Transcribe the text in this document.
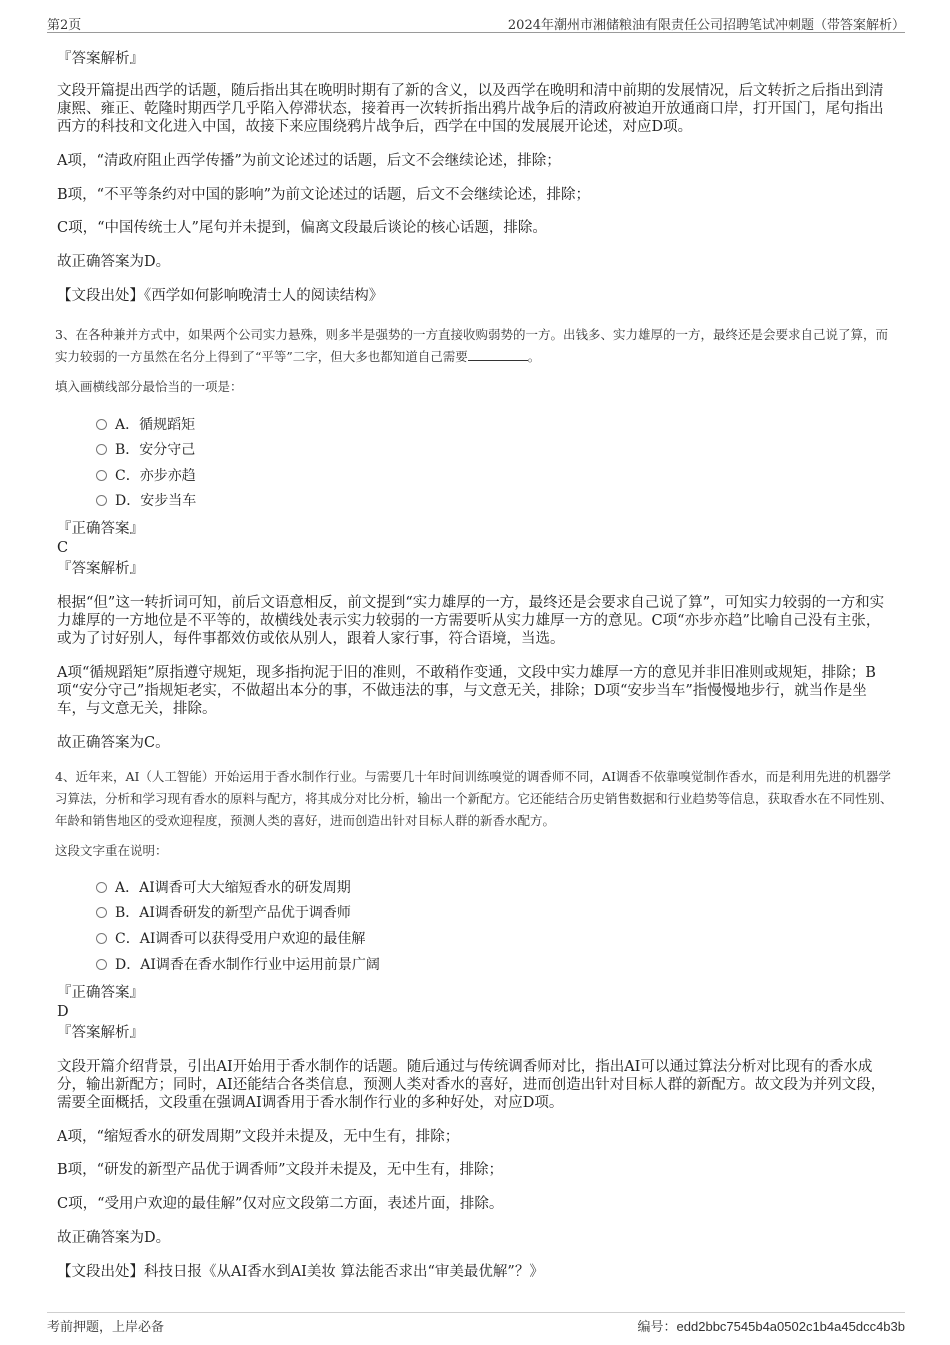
第2页	2024年潮州市湘储粮油有限责任公司招聘笔试冲刺题（带答案解析）
『答案解析』
文段开篇提出西学的话题，随后指出其在晚明时期有了新的含义，以及西学在晚明和清中前期的发展情况，后文转折之后指出到清康熙、雍正、乾隆时期西学几乎陷入停滞状态，接着再一次转折指出鸦片战争后的清政府被迫开放通商口岸，打开国门，尾句指出西方的科技和文化进入中国，故接下来应围绕鸦片战争后，西学在中国的发展展开论述，对应D项。
A项，“清政府阻止西学传播”为前文论述过的话题，后文不会继续论述，排除；
B项，“不平等条约对中国的影响”为前文论述过的话题，后文不会继续论述，排除；
C项，“中国传统士人”尾句并未提到，偏离文段最后谈论的核心话题，排除。
故正确答案为D。
【文段出处】《西学如何影响晚清士人的阅读结构》
3、在各种兼并方式中，如果两个公司实力悬殊，则多半是强势的一方直接收购弱势的一方。出钱多、实力雄厚的一方，最终还是会要求自己说了算，而实力较弱的一方虽然在名分上得到了“平等”二字，但大多也都知道自己需要	。
填入画横线部分最恰当的一项是：
A．循规蹈矩
B．安分守己
C．亦步亦趋
D．安步当车
『正确答案』
C
『答案解析』
根据“但”这一转折词可知，前后文语意相反，前文提到“实力雄厚的一方，最终还是会要求自己说了算”，可知实力较弱的一方和实力雄厚的一方地位是不平等的，故横线处表示实力较弱的一方需要听从实力雄厚一方的意见。C项“亦步亦趋”比喻自己没有主张，或为了讨好别人，每件事都效仿或依从别人，跟着人家行事，符合语境，当选。
A项“循规蹈矩”原指遵守规矩，现多指拘泥于旧的准则，不敢稍作变通，文段中实力雄厚一方的意见并非旧准则或规矩，排除；B项“安分守己”指规矩老实，不做超出本分的事，不做违法的事，与文意无关，排除；D项“安步当车”指慢慢地步行，就当作是坐车，与文意无关，排除。
故正确答案为C。
4、近年来，AI（人工智能）开始运用于香水制作行业。与需要几十年时间训练嗅觉的调香师不同，AI调香不依靠嗅觉制作香水，而是利用先进的机器学习算法，分析和学习现有香水的原料与配方，将其成分对比分析，输出一个新配方。它还能结合历史销售数据和行业趋势等信息，获取香水在不同性别、年龄和销售地区的受欢迎程度，预测人类的喜好，进而创造出针对目标人群的新香水配方。
这段文字重在说明：
A．AI调香可大大缩短香水的研发周期
B．AI调香研发的新型产品优于调香师
C．AI调香可以获得受用户欢迎的最佳解
D．AI调香在香水制作行业中运用前景广阔
『正确答案』
D
『答案解析』
文段开篇介绍背景，引出AI开始用于香水制作的话题。随后通过与传统调香师对比，指出AI可以通过算法分析对比现有的香水成分，输出新配方；同时，AI还能结合各类信息，预测人类对香水的喜好，进而创造出针对目标人群的新配方。故文段为并列文段，需要全面概括，文段重在强调AI调香用于香水制作行业的多种好处，对应D项。
A项，“缩短香水的研发周期”文段并未提及，无中生有，排除；
B项，“研发的新型产品优于调香师”文段并未提及，无中生有，排除；
C项，“受用户欢迎的最佳解”仅对应文段第二方面，表述片面，排除。
故正确答案为D。
【文段出处】科技日报《从AI香水到AI美妆 算法能否求出“审美最优解”？》
考前押题，上岸必备	编号：edd2bbc7545b4a0502c1b4a45dcc4b3b
